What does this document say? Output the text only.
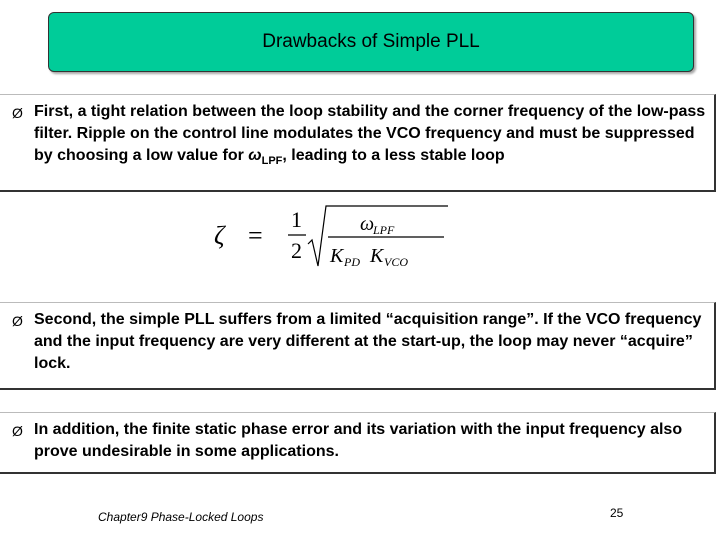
Drawbacks of Simple PLL
Ø First, a tight relation between the loop stability and the corner frequency of the low-pass filter. Ripple on the control line modulates the VCO frequency and must be suppressed by choosing a low value for $\omega_{LPF}$, leading to a less stable loop
ζ =
1
2
ω
LPF
K PD K VCO
Ø Second, the simple PLL suffers from a limited “acquisition range”. If the VCO frequency and the input frequency are very different at the start-up, the loop may never “acquire” lock.
Ø In addition, the finite static phase error and its variation with the input frequency also prove undesirable in some applications.
Chapter9 Phase-Locked Loops	25
